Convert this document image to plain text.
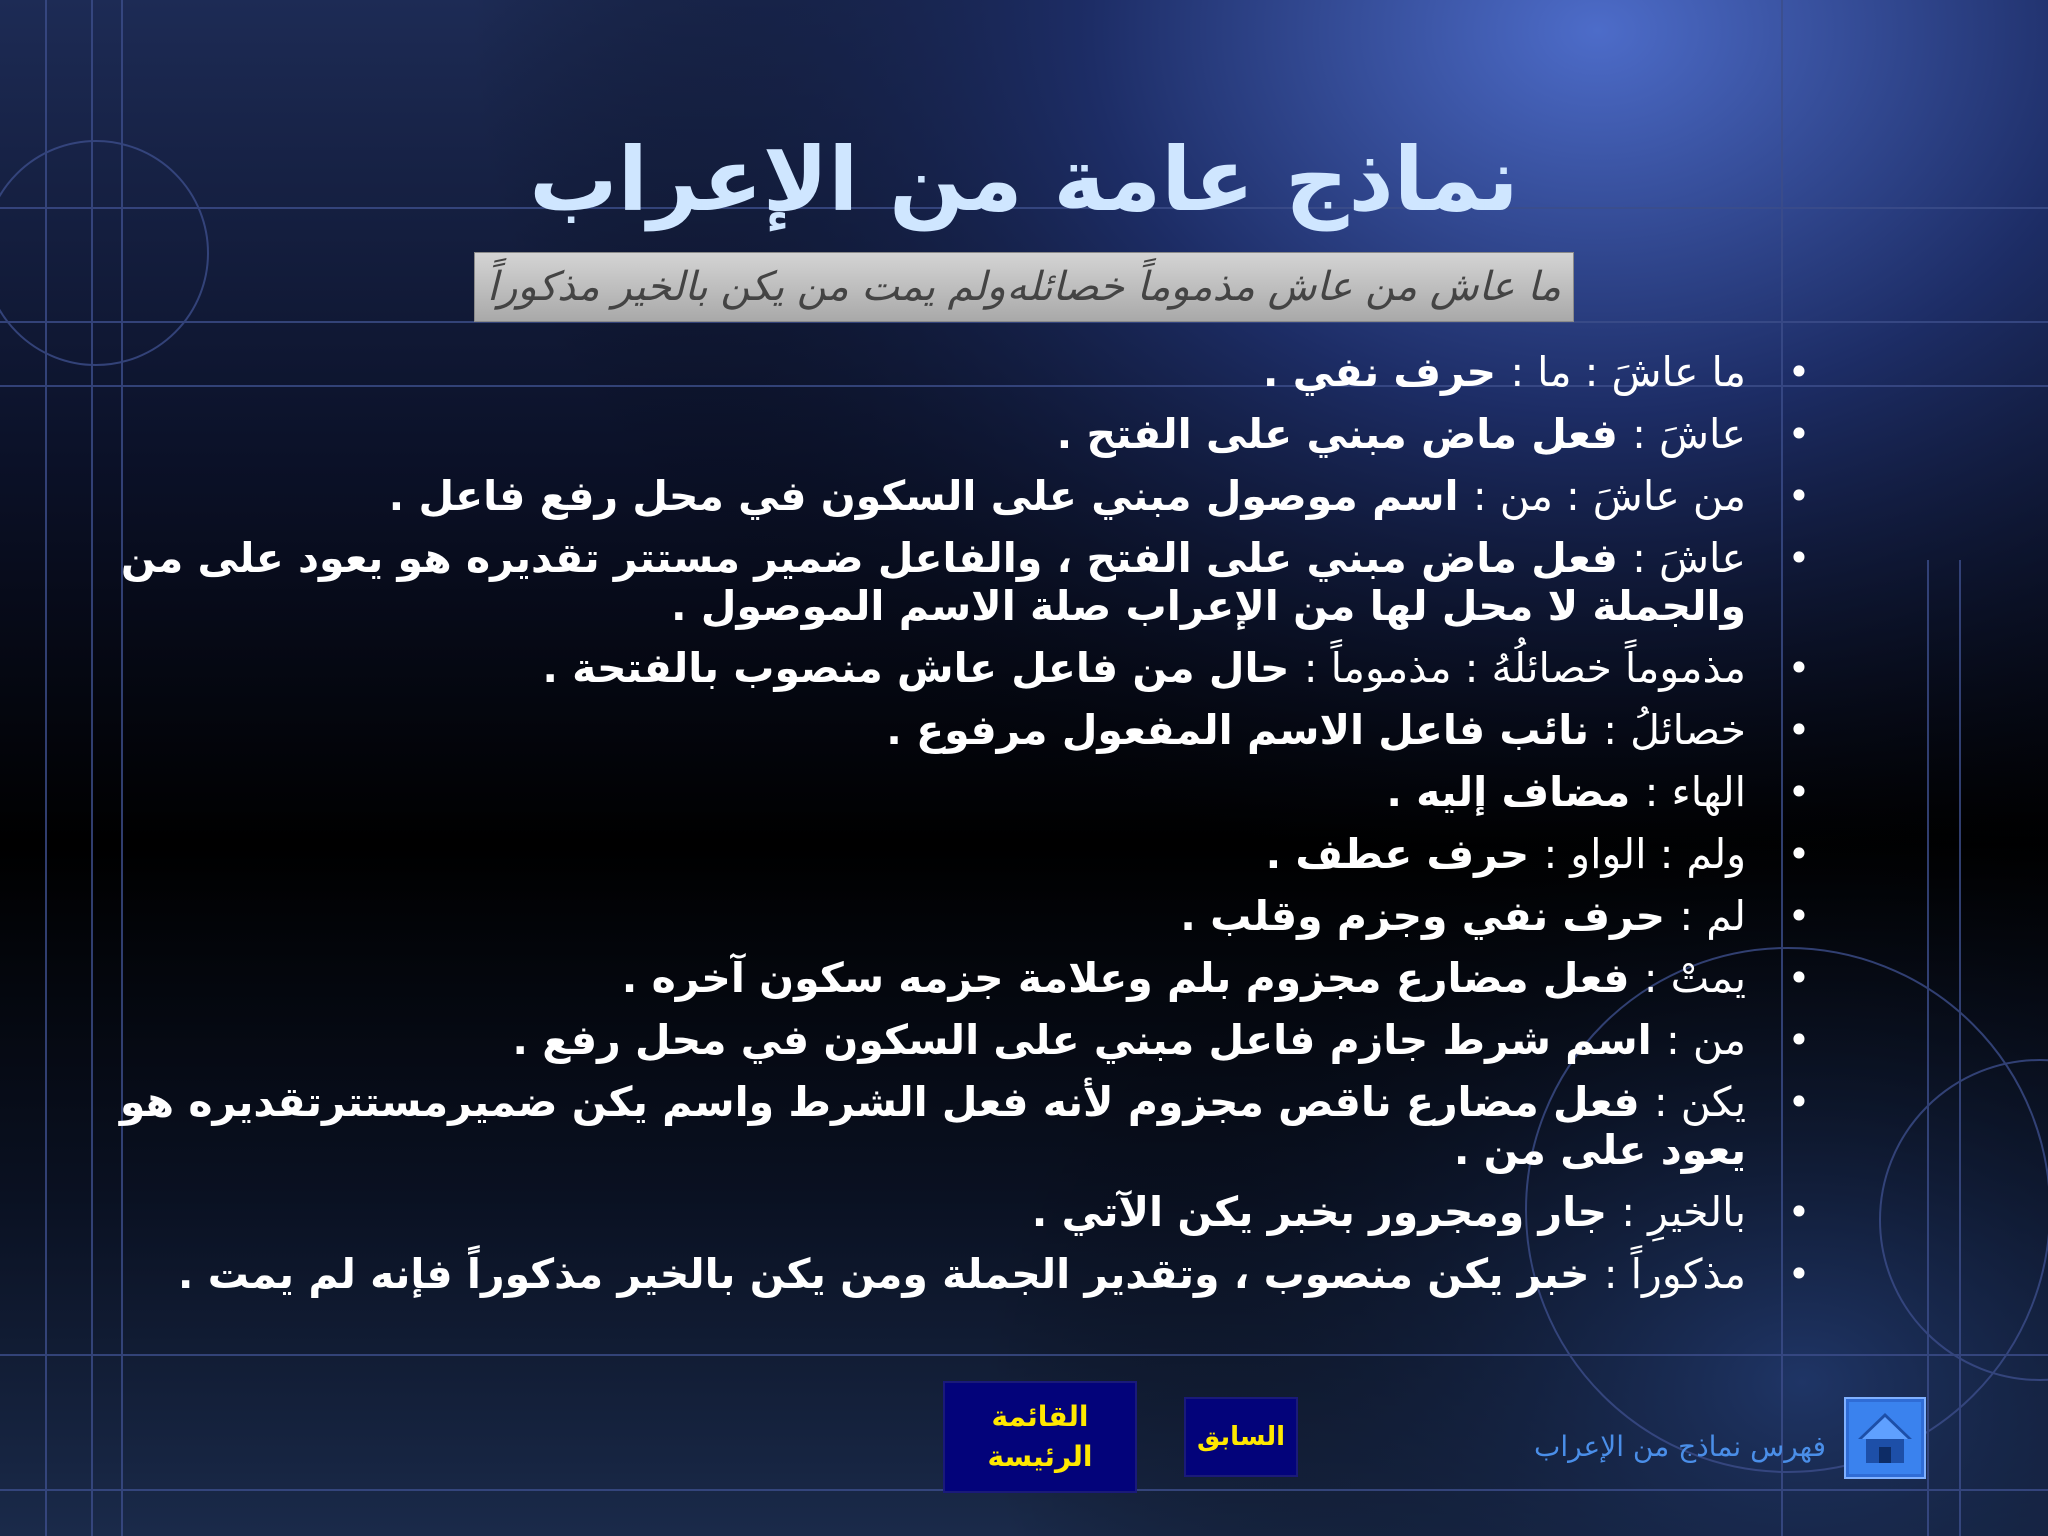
نماذج عامة من الإعراب
ما عاش من عاش مذموماً خصائله
ولم يمت من يكن بالخير مذكوراً
•
ما عاشَ : ما : حرف نفي .
•
عاشَ : فعل ماض مبني على الفتح .
•
من عاشَ : من : اسم موصول مبني على السكون في محل رفع فاعل .
•
عاشَ : فعل ماض مبني على الفتح ، والفاعل ضمير مستتر تقديره هو يعود على من والجملة لا محل لها من الإعراب صلة الاسم الموصول .
•
مذموماً خصائلُهُ : مذموماً : حال من فاعل عاش منصوب بالفتحة .
•
خصائلُ : نائب فاعل الاسم المفعول مرفوع .
•
الهاء : مضاف إليه .
•
ولم : الواو : حرف عطف .
•
لم : حرف نفي وجزم وقلب .
•
يمتْ : فعل مضارع مجزوم بلم وعلامة جزمه سكون آخره .
•
من : اسم شرط جازم فاعل مبني على السكون في محل رفع .
•
يكن : فعل مضارع ناقص مجزوم لأنه فعل الشرط واسم يكن ضميرمستترتقديره هو يعود على من .
•
بالخيرِ : جار ومجرور بخبر يكن الآتي .
•
مذكوراً : خبر يكن منصوب ، وتقدير الجملة ومن يكن بالخير مذكوراً فإنه لم يمت .
القائمة
الرئيسة
السابق	فهرس نماذج من الإعراب
